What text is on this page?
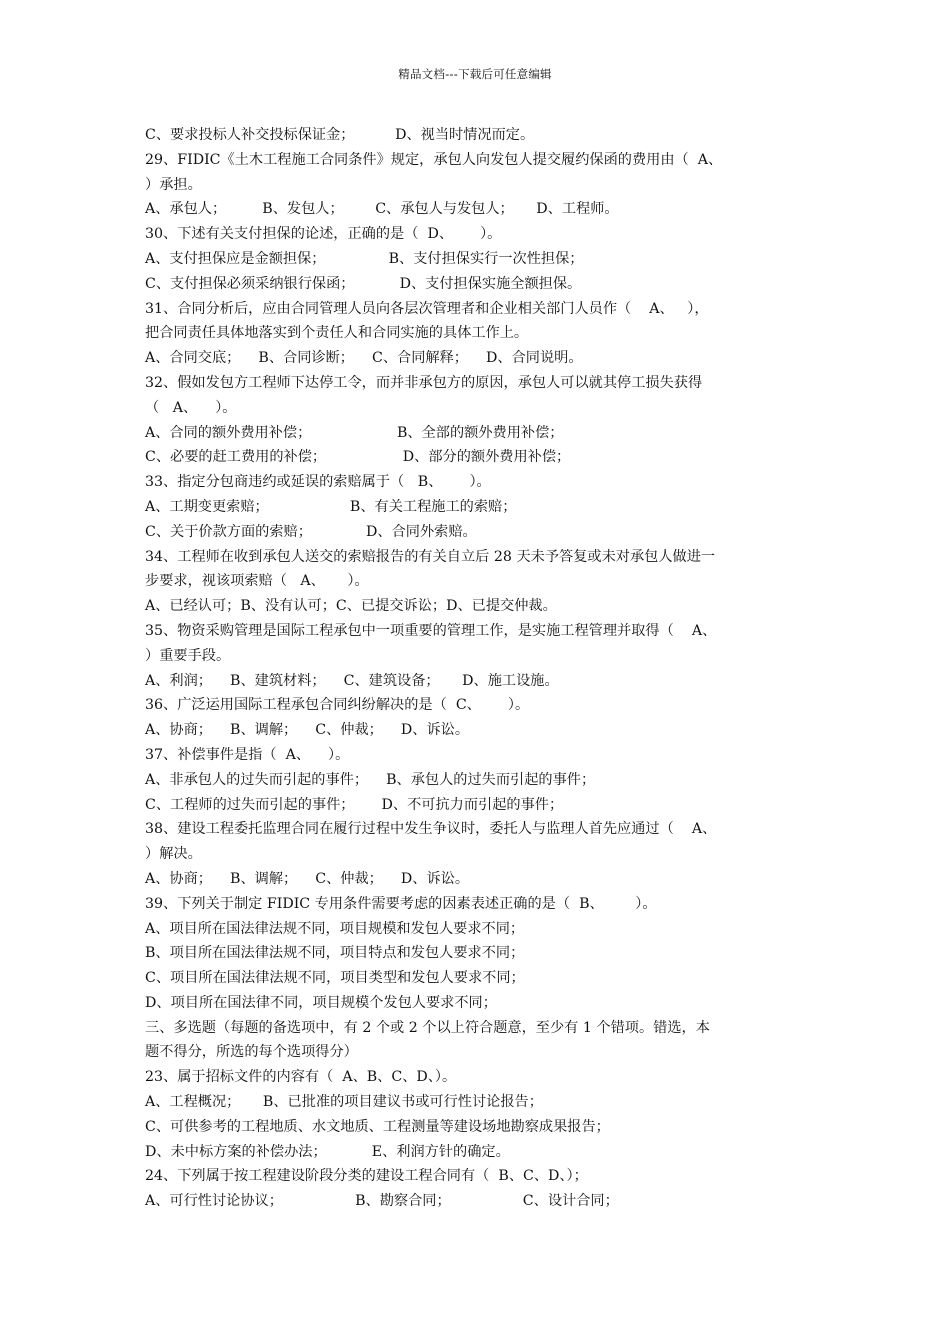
精品文档---下载后可任意编辑
C、要求投标人补交投标保证金；         D、视当时情况而定。
29、FIDIC《土木工程施工合同条件》规定，承包人向发包人提交履约保函的费用由（  A、
）承担。
A、承包人；        B、发包人；       C、承包人与发包人；     D、工程师。
30、下述有关支付担保的论述，正确的是（  D、      ）。
A、支付担保应是金额担保；              B、支付担保实行一次性担保；
C、支付担保必须采纳银行保函；          D、支付担保实施全额担保。
31、合同分析后，应由合同管理人员向各层次管理者和企业相关部门人员作（    A、   ），
把合同责任具体地落实到个责任人和合同实施的具体工作上。
A、合同交底；    B、合同诊断；    C、合同解释；    D、合同说明。
32、假如发包方工程师下达停工令，而并非承包方的原因，承包人可以就其停工损失获得
（   A、    ）。
A、合同的额外费用补偿；                   B、全部的额外费用补偿；
C、必要的赶工费用的补偿；                 D、部分的额外费用补偿；
33、指定分包商违约或延误的索赔属于（   B、      ）。
A、工期变更索赔；                  B、有关工程施工的索赔；
C、关于价款方面的索赔；            D、合同外索赔。
34、工程师在收到承包人送交的索赔报告的有关自立后 28 天未予答复或未对承包人做进一
步要求，视该项索赔（   A、     ）。
A、已经认可；B、没有认可；C、已提交诉讼；D、已提交仲裁。
35、物资采购管理是国际工程承包中一项重要的管理工作，是实施工程管理并取得（    A、
）重要手段。
A、利润；    B、建筑材料；    C、建筑设备；     D、施工设施。
36、广泛运用国际工程承包合同纠纷解决的是（  C、      ）。
A、协商；    B、调解；    C、仲裁；    D、诉讼。
37、补偿事件是指（  A、    ）。
A、非承包人的过失而引起的事件；    B、承包人的过失而引起的事件；
C、工程师的过失而引起的事件；      D、不可抗力而引起的事件；
38、建设工程委托监理合同在履行过程中发生争议时，委托人与监理人首先应通过（    A、
）解决。
A、协商；    B、调解；    C、仲裁；    D、诉讼。
39、下列关于制定 FIDIC 专用条件需要考虑的因素表述正确的是（  B、       ）。
A、项目所在国法律法规不同，项目规模和发包人要求不同；
B、项目所在国法律法规不同，项目特点和发包人要求不同；
C、项目所在国法律法规不同，项目类型和发包人要求不同；
D、项目所在国法律不同，项目规模个发包人要求不同；
三、多选题（每题的备选项中，有 2 个或 2 个以上符合题意，至少有 1 个错项。错选，本
题不得分，所选的每个选项得分）
23、属于招标文件的内容有（  A、B、C、D、）。
A、工程概况；     B、已批准的项目建议书或可行性讨论报告；
C、可供参考的工程地质、水文地质、工程测量等建设场地勘察成果报告；
D、未中标方案的补偿办法；          E、利润方针的确定。
24、下列属于按工程建设阶段分类的建设工程合同有（  B、C、D、）；
A、可行性讨论协议；                B、勘察合同；                C、设计合同；
